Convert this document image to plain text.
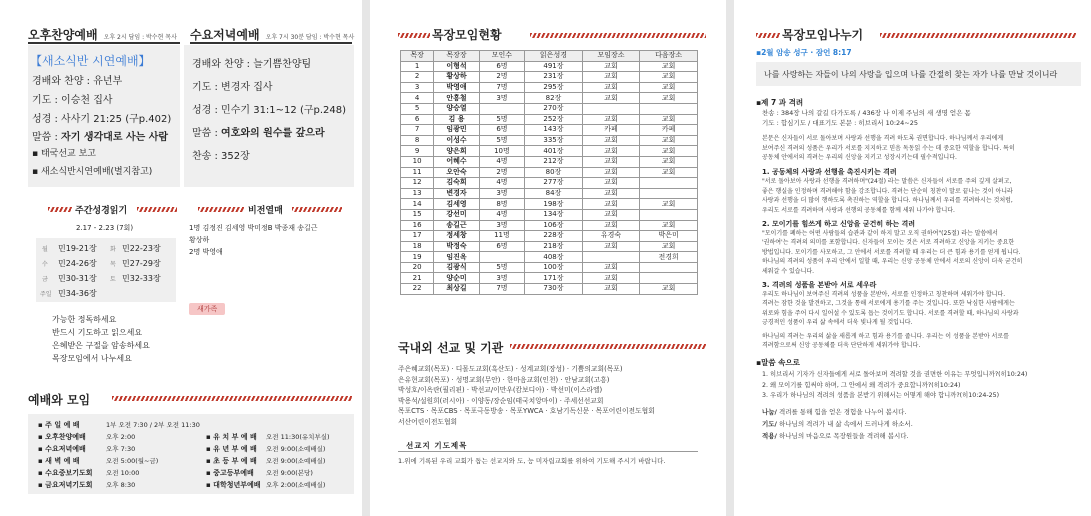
오후찬양예배 오후 2시 담임 : 박수현 목사 수요저녁예배 오후 7시 30분 담임 : 박수현 목사
【새소식반 시연예배】
경배와 찬양 : 유년부
기도 : 이승천 집사
성경 : 사사기 21:25 (구p.402)
말씀 : 자기 생각대로 사는 사람
▪ 태국선교 보고
▪ 새소식반시연예배(별지참고)
경배와 찬양 : 늘기쁨찬양팀
기도 : 변경자 집사
성경 : 민수기 31:1~12 (구p.248)
말씀 : 여호와의 원수를 갚으라
찬송 : 352장
주간성경읽기
2.17 - 2.23 (7회)
월 민19-21장 화 민22-23장
수 민24-26장 목 민27-29장
금 민30-31장 토 민32-33장
주일 민34-36장
가능한 정독하세요
반드시 기도하고 읽으세요
은혜받은 구절을 암송하세요
목장모임에서 나누세요
비전열매
1명 김정진 김세영 박미정B 박종재 송길근
황상하
2명 박영애
새가족
예배와 모임
▪ 주 일 예 배	1부 오전 7:30 / 2부 오전 11:30
▪ 오후찬양예배	오후 2:00
▪ 수요저녁예배	오후 7:30
▪ 새 벽 예 배	오전 5:00(월~금)
▪ 수요중보기도회 오전 10:00
▪ 금요저녁기도회 오후 8:30
▪ 유 치 부 예 배 오전 11:30(유치부실)
▪ 유 년 부 예 배 오전 9:00(소예배실)
▪ 초 등 부 예 배 오전 9:00(소예배실)
▪ 중고등부예배 오전 9:00(본당)
▪ 대학청년부예배 오후 2:00(소예배실)
목장모임현황
목장	목장장	모인수	읽은성경	모임장소	다음장소
1	이형석	6명	491장	교회	교회
2	황상하	2명	231장	교회	교회
3	박영애	7명	295장	교회	교회
4	안흥철	3명	82장	교회	교회
5	양승열		270장		
6	김 용	5명	252장	교회	교회
7	임광민	6명	143장	카페	카페
8	이성수	5명	335장	교회	교회
9	양은희	10명	401장	교회	교회
10	어혜수	4명	212장	교회	교회
11	오안숙	2명	80장	교회	교회
12	김숙희	4명	277장	교회	
13	변경자	3명	84장	교회	
14	김세영	8명	198장	교회	교회
15	강선미	4명	134장	교회	
16	송길근	3명	106장	교회	교회
17	정세창	11명	228장	유경숙	박은미
18	박정숙	6명	218장	교회	교회
19	임진옥		408장		전경희
20	김광식	5명	100장	교회	
21	양순미	3명	171장	교회	
22	최상길	7명	730장	교회	교회
국내외 선교 및 기관
주은혜교회(목포) · 디몰도교회(흑산도) · 성계교회(장성) · 기쁨의교회(목포)
은유현교회(목포) · 성명교회(무안) · 한마음교회(인천) · 안남교회(고흥)
박성호/이옥란(필리핀) · 박선교/이만우(캄보디아) · 박선미(이스라엘)
박용석/설원희(러시아) · 이양동/장순임(태국치앙마이) · 주세선선교회
목포CTS · 목포CBS · 목포극동방송 · 목포YWCA · 호남기독신문 · 목포어린이전도협회
서산어린이전도협회
선교지 기도제목
1.위에 기록된 우리 교회가 돕는 선교지와 도, 능 미자립교회를 위하여 기도해 주시기 바랍니다.
목장모임나누기
▪2월 암송 성구 · 잠언 8:17
나를 사랑하는 자들이 나의 사랑을 입으며 나를 간절히 찾는 자가 나를 만날 것이니라
▪제 7 과 격려
찬송 : 384장 나의 갈길 다가도록 / 436장 나 이제 주님의 새 생명 얻은 몸
기도 : 합심기도 / 대표기도 본문 : 히브리서 10:24~25
본문은 신자들이 서로 돌아보며 사랑과 선행을 격려 하도록 권면합니다. 하나님께서 우리에게
보여주신 격려의 성품은 우리가 서로를 지지하고 믿음 독동읽 수는 데 중요한 역할을 합니다. 특히
공동체 안에서의 격려는 우리의 신앙을 지키고 성장시키는데 필수적입니다.
1. 공동체의 사랑과 선행을 촉진시키는 격려
"서로 돌아보아 사랑과 선행을 격려하며"(24절) 라는 말씀은 신자들이 서로를 주의 깊게 살펴고,
좋은 행실을 인정하며 격려해야 함을 강조합니다. 격려는 단순히 칭찬이 말로 끝나는 것이 아니라
사랑과 선행을 더 많이 행하도록 촉진하는 역할을 합니다. 하나님께서 우리를 격려하시는 것처럼,
우리도 서로를 격려하며 사랑과 선행의 공동체를 함께 세워 나가야 합니다.
2. 모이기를 힘쓰게 하고 신앙을 굳건히 하는 격려
"모이기를 폐하는 어떤 사람들의 습관과 같이 하지 말고 오직 권하여"(25절) 라는 말씀에서
'권하여'는 격려의 의미를 포함합니다. 신자들이 모이는 것은 서로 격려하고 신앙을 지키는 중요한
방법입니다. 모이기를 사모하고, 그 안에서 서로를 격려할 때 우리는 더 큰 힘과 용기를 얻게 됩니다.
하나님의 격려의 성품이 우리 안에서 일할 때, 우리는 신앙 공동체 안에서 서로의 신앙이 더욱 굳건히
세워갈 수 있습니다.
3. 격려의 성품을 본받아 서로 세우라
우리도 하나님이 보여주신 격려의 성품을 본받아, 서로를 인정하고 칭찬하며 세워가야 합니다.
격려는 잠한 것을 발견하고, 그것을 통해 서로에게 용기를 주는 것입니다. 또한 낙심한 사람에게는
위로와 힘을 주어 다시 일어설 수 있도록 돕는 것이기도 합니다. 서로를 격려할 때, 하나님의 사랑과
긍경적인 성품이 우리 삶 속에서 더욱 빛나게 될 것입니다.
하나님의 격려는 우리의 삶을 새롭게 하고 힘과 용기를 줍니다. 우리는 이 성품을 본받아 서로를
격려함으로써 신앙 공동체를 더욱 단단하게 세워가야 합니다.
▪말씀 속으로
1. 히브리서 기자가 신자들에게 서로 돌아보며 격려할 것을 권면한 이유는 무엇입니까?(히10:24)
2. 왜 모이기를 힘써야 하며, 그 안에서 왜 격려가 중요합니까?(히10:24)
3. 우리가 하나님의 격려의 성품을 본받기 위해서는 어떻게 해야 합니까?(히10:24-25)
나눔/ 격려를 통해 힘을 얻은 경험을 나누어 봅시다.
기도/ 하나님의 격려가 내 삶 속에서 드러나게 하소서.
적용/ 하나님의 마음으로 목장원들을 격려해 봅시다.
